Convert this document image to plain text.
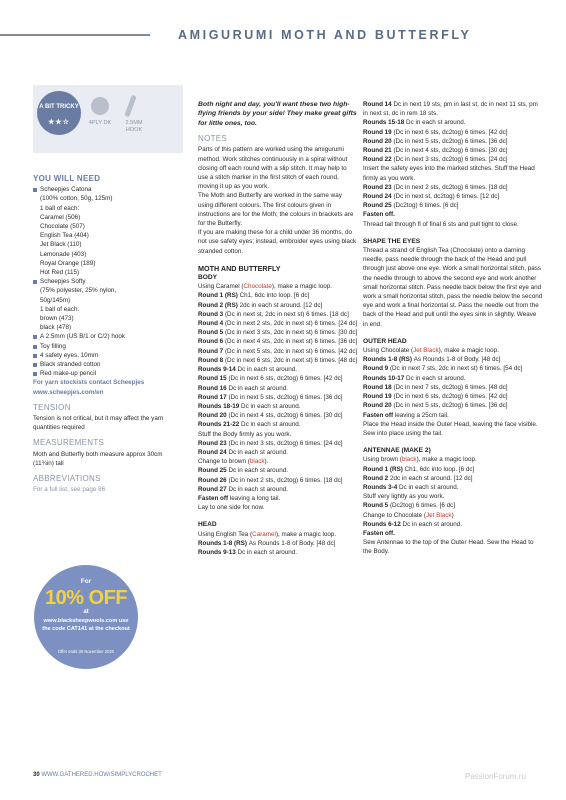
AMIGURUMI MOTH AND BUTTERFLY
A BIT TRICKY
★★☆	4PLY DK	2.5MM HOOK
YOU WILL NEED
Scheepjes Catona
(100% cotton, 50g, 125m)
1 ball of each:
Caramel (506)
Chocolate (507)
English Tea (404)
Jet Black (110)
Lemonade (403)
Royal Orange (189)
Hot Red (115)
Scheepjes Softy
(75% polyester, 25% nylon,
50g/145m)
1 ball of each:
brown (473)
black (478)
A 2.5mm (US B/1 or C/2) hook
Toy filling
4 safety eyes, 10mm
Black stranded cotton
Red make-up pencil
For yarn stockists contact Scheepjes
www.scheepjes.com/en
TENSION
Tension is not critical, but it may affect the yarn quantities required
MEASUREMENTS
Moth and Butterfly both measure approx 30cm (11¾in) tall
ABBREVIATIONS
For a full list, see page 86
For
10% OFF
at
www.blacksheepwools.com use the code CAT141 at the checkout
Offer ends 30 November 2020
Both night and day, you'll want these two high-flying friends by your side! They make great gifts for little ones, too.
NOTES
Parts of this pattern are worked using the amigurumi method. Work stitches continuously in a spiral without closing off each round with a slip stitch. It may help to use a stitch marker in the first stitch of each round, moving it up as you work.
The Moth and Butterfly are worked in the same way using different colours. The first colours given in instructions are for the Moth; the colours in brackets are for the Butterfly.
If you are making these for a child under 36 months, do not use safety eyes; instead, embroider eyes using black stranded cotton.
MOTH AND BUTTERFLY
BODY
Using Caramel (Chocolate), make a magic loop.
Round 1 (RS) Ch1, 6dc into loop. [6 dc]
Round 2 (RS) 2dc in each st around. [12 dc]
Round 3 (Dc in next st, 2dc in next st) 6 times. [18 dc]
Round 4 (Dc in next 2 sts, 2dc in next st) 6 times. [24 dc]
Round 5 (Dc in next 3 sts, 2dc in next st) 6 times. [30 dc]
Round 6 (Dc in next 4 sts, 2dc in next st) 6 times. [36 dc]
Round 7 (Dc in next 5 sts, 2dc in next st) 6 times. [42 dc]
Round 8 (Dc in next 6 sts, 2dc in next st) 6 times. [48 dc]
Rounds 9-14 Dc in each st around.
Round 15 (Dc in next 6 sts, dc2tog) 6 times. [42 dc]
Round 16 Dc in each st around.
Round 17 (Dc in next 5 sts, dc2tog) 6 times. [36 dc]
Rounds 18-19 Dc in each st around.
Round 20 (Dc in next 4 sts, dc2tog) 6 times. [30 dc]
Rounds 21-22 Dc in each st around.
Stuff the Body firmly as you work.
Round 23 (Dc in next 3 sts, dc2tog) 6 times. [24 dc]
Round 24 Dc in each st around.
Change to brown (black).
Round 25 Dc in each st around.
Round 26 (Dc in next 2 sts, dc2tog) 6 times. [18 dc]
Round 27 Dc in each st around.
Fasten off leaving a long tail.
Lay to one side for now.
HEAD
Using English Tea (Caramel), make a magic loop.
Rounds 1-8 (RS) As Rounds 1-8 of Body. [48 dc]
Rounds 9-13 Dc in each st around.
Round 14 Dc in next 19 sts, pm in last st, dc in next 11 sts, pm in next st, dc in rem 18 sts.
Rounds 15-18 Dc in each st around.
Round 19 (Dc in next 6 sts, dc2tog) 6 times. [42 dc]
Round 20 (Dc in next 5 sts, dc2tog) 6 times. [36 dc]
Round 21 (Dc in next 4 sts, dc2tog) 6 times. [30 dc]
Round 22 (Dc in next 3 sts, dc2tog) 6 times. [24 dc]
Insert the safety eyes into the marked stitches. Stuff the Head firmly as you work.
Round 23 (Dc in next 2 sts, dc2tog) 6 times. [18 dc]
Round 24 (Dc in next st, dc2tog) 6 times. [12 dc]
Round 25 (Dc2tog) 6 times. [6 dc]
Fasten off.
Thread tail through fl of final 6 sts and pull tight to close.
SHAPE THE EYES
Thread a strand of English Tea (Chocolate) onto a darning needle, pass needle through the back of the Head and pull through just above one eye. Work a small horizontal stitch, pass the needle through to above the second eye and work another small horizontal stitch. Pass needle back below the first eye and work a small horizontal stitch, pass the needle below the second eye and work a final horizontal st. Pass the needle out from the back of the Head and pull until the eyes sink in slightly. Weave in end.
OUTER HEAD
Using Chocolate (Jet Black), make a magic loop.
Rounds 1-8 (RS) As Rounds 1-8 of Body. [48 dc]
Round 9 (Dc in next 7 sts, 2dc in next st) 6 times. [54 dc]
Rounds 10-17 Dc in each st around.
Round 18 (Dc in next 7 sts, dc2tog) 6 times. [48 dc]
Round 19 (Dc in next 6 sts, dc2tog) 6 times. [42 dc]
Round 20 (Dc in next 5 sts, dc2tog) 6 times. [36 dc]
Fasten off leaving a 25cm tail.
Place the Head inside the Outer Head, leaving the face visible.
Sew into place using the tail.
ANTENNAE (MAKE 2)
Using brown (black), make a magic loop.
Round 1 (RS) Ch1, 6dc into loop. [6 dc]
Round 2 2dc in each st around. [12 dc]
Rounds 3-4 Dc in each st around.
Stuff very lightly as you work.
Round 5 (Dc2tog) 6 times. [6 dc]
Change to Chocolate (Jet Black)
Rounds 6-12 Dc in each st around.
Fasten off.
Sew Antennae to the top of the Outer Head. Sew the Head to the Body.
30 WWW.GATHERED.HOW/SIMPLYCROCHET	PassionForum.ru
